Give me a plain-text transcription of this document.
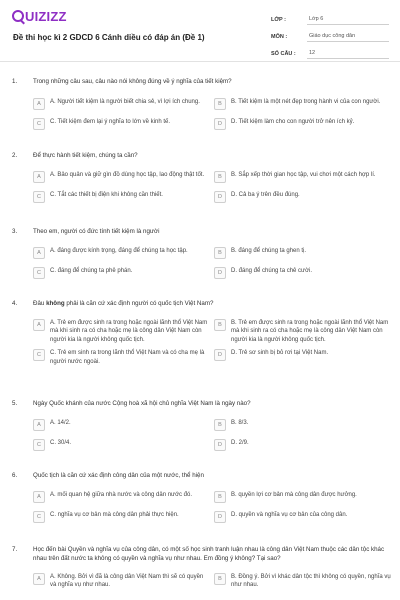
UIZIZZ
Đề thi học kì 2 GDCD 6 Cánh diều có đáp án (Đề 1)
LỚP :	Lớp 6
MÔN :	Giáo dục công dân
SỐ CÂU :	12
1.	Trong những câu sau, câu nào nói không đúng về ý nghĩa của tiết kiệm?
A	A. Người tiết kiệm là người biết chia sẻ, vì lợi ích chung.	B	B. Tiết kiệm là một nét đẹp trong hành vi của con người.
C	C. Tiết kiệm đem lại ý nghĩa to lớn về kinh tế.	D	D. Tiết kiệm làm cho con người trở nên ích kỷ.
2.	Để thực hành tiết kiệm, chúng ta cần?
A	A. Bảo quản và giữ gìn đồ dùng học tập, lao động thật tốt.	B	B. Sắp xếp thời gian học tập, vui chơi một cách hợp lí.
C	C. Tắt các thiết bị điện khi không cần thiết.	D	D. Cả ba ý trên đều đúng.
3.	Theo em, người có đức tính tiết kiệm là người
A	A. đáng được kính trọng, đáng để chúng ta học tập.	B	B. đáng để chúng ta ghen tị.
C	C. đáng để chúng ta phê phán.	D	D. đáng để chúng ta chê cười.
4.	Đâu không phải là căn cứ xác định người có quốc tịch Việt Nam?
A	A. Trẻ em được sinh ra trong hoặc ngoài lãnh thổ Việt Nam mà khi sinh ra có cha hoặc mẹ là công dân Việt Nam còn người kia là người không quốc tịch.
B	B. Trẻ em được sinh ra trong hoặc ngoài lãnh thổ Việt Nam mà khi sinh ra có cha hoặc mẹ là công dân Việt Nam còn người kia là người không quốc tịch.
C	C. Trẻ em sinh ra trong lãnh thổ Việt Nam và có cha mẹ là người nước ngoài.
D	D. Trẻ sơ sinh bị bỏ rơi tại Việt Nam.
5.	Ngày Quốc khánh của nước Cộng hoà xã hội chủ nghĩa Việt Nam là ngày nào?
A	A. 14/2.	B	B. 8/3.
C	C. 30/4.	D	D. 2/9.
6.	Quốc tịch là căn cứ xác định công dân của một nước, thể hiện
A	A. mối quan hệ giữa nhà nước và công dân nước đó.	B	B. quyền lợi cơ bản mà công dân được hưởng.
C	C. nghĩa vụ cơ bản mà công dân phải thực hiện.	D	D. quyền và nghĩa vụ cơ bản của công dân.
7.	Học đến bài Quyền và nghĩa vụ của công dân, có một số học sinh tranh luận nhau là công dân Việt Nam thuộc các dân tộc khác nhau trên đất nước ta không có quyền và nghĩa vụ như nhau. Em đồng ý không? Tại sao?
A	A. Không. Bởi vì đã là công dân Việt Nam thì sẽ có quyền và nghĩa vụ như nhau.
B	B. Đồng ý. Bởi vì khác dân tộc thì không có quyền, nghĩa vụ như nhau.
